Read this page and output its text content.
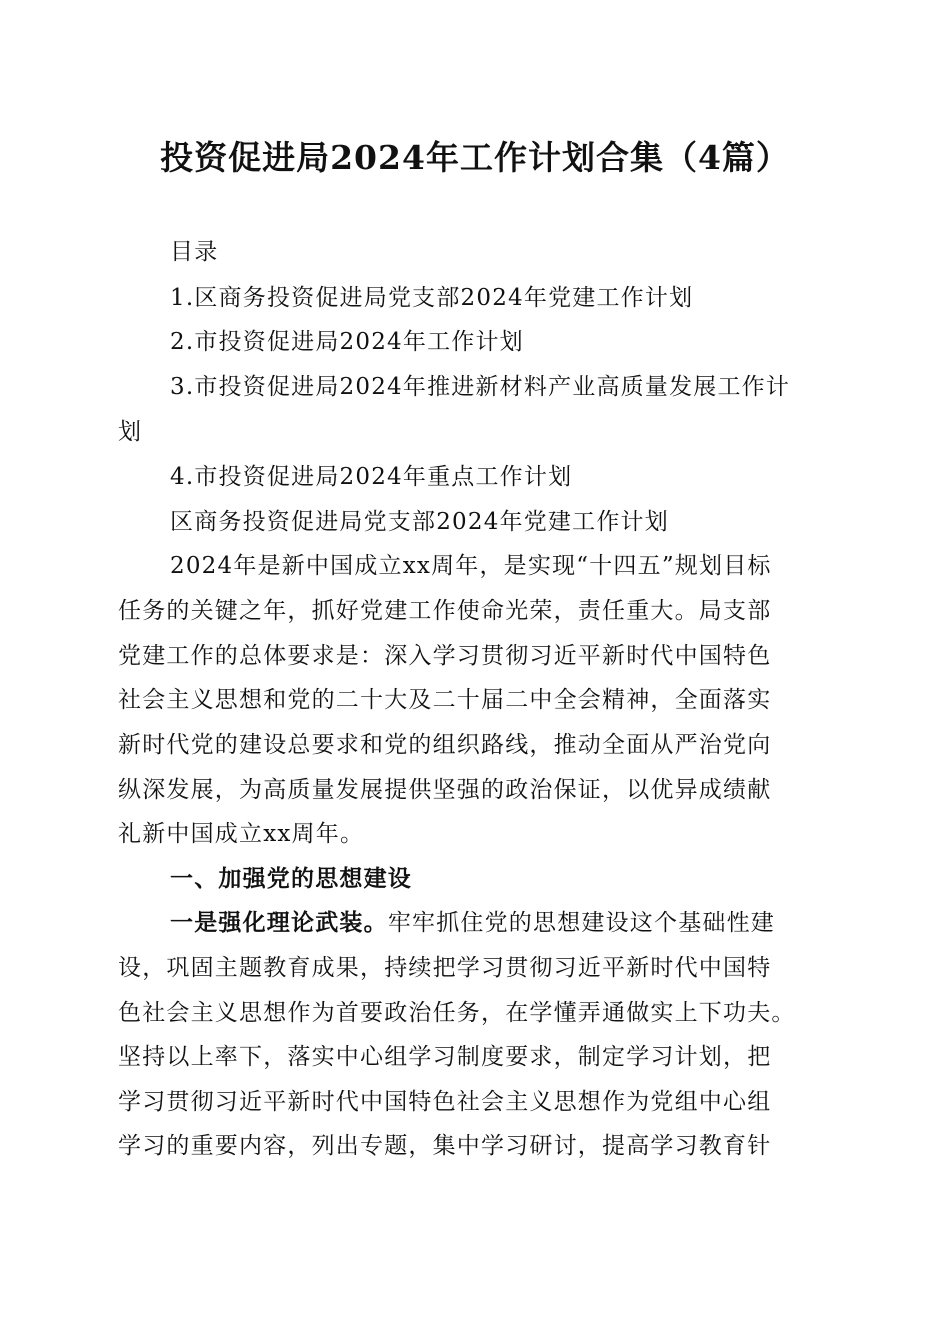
投资促进局2024年工作计划合集（4篇）
目录
1.区商务投资促进局党支部2024年党建工作计划
2.市投资促进局2024年工作计划
3.市投资促进局2024年推进新材料产业高质量发展工作计
划
4.市投资促进局2024年重点工作计划
区商务投资促进局党支部2024年党建工作计划
2024年是新中国成立xx周年，是实现“十四五”规划目标
任务的关键之年，抓好党建工作使命光荣，责任重大。局支部
党建工作的总体要求是：深入学习贯彻习近平新时代中国特色
社会主义思想和党的二十大及二十届二中全会精神，全面落实
新时代党的建设总要求和党的组织路线，推动全面从严治党向
纵深发展，为高质量发展提供坚强的政治保证，以优异成绩献
礼新中国成立xx周年。
一、加强党的思想建设
一是强化理论武装。牢牢抓住党的思想建设这个基础性建
设，巩固主题教育成果，持续把学习贯彻习近平新时代中国特
色社会主义思想作为首要政治任务，在学懂弄通做实上下功夫。
坚持以上率下，落实中心组学习制度要求，制定学习计划，把
学习贯彻习近平新时代中国特色社会主义思想作为党组中心组
学习的重要内容，列出专题，集中学习研讨，提高学习教育针
